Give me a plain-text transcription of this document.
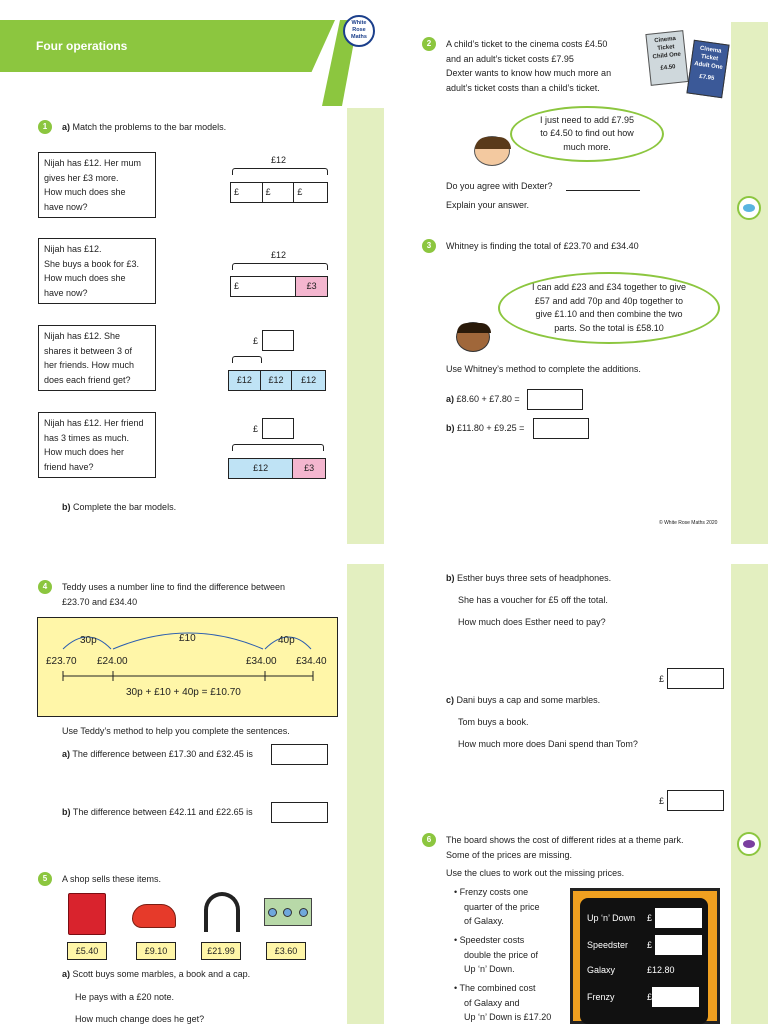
Four operations
White
Rose
Maths
1	a) Match the problems to the bar models.
Nijah has £12. Her mum
gives her £3 more.
How much does she
have now?
Nijah has £12.
She buys a book for £3.
How much does she
have now?
Nijah has £12. She
shares it between 3 of
her friends. How much
does each friend get?
Nijah has £12. Her friend
has 3 times as much.
How much does her
friend have?
£12
£	£	£
£12
£	£3
£
£12	£12	£12
£
£12	£3
b) Complete the bar models.
2	A child’s ticket to the cinema costs £4.50
and an adult’s ticket costs £7.95
Dexter wants to know how much more an
adult’s ticket costs than a child’s ticket.
Cinema
Ticket
Child One
£4.50
Cinema
Ticket
Adult One
£7.95
I just need to add £7.95
to £4.50 to find out how
much more.
Do you agree with Dexter?
Explain your answer.
3	Whitney is finding the total of £23.70 and £34.40
I can add £23 and £34 together to give
£57 and add 70p and 40p together to
give £1.10 and then combine the two
parts. So the total is £58.10
Use Whitney’s method to complete the additions.
a) £8.60 + £7.80 =
b) £11.80 + £9.25 =
© White Rose Maths 2020
4	Teddy uses a number line to find the difference between
£23.70 and £34.40
30p	£10	40p
£23.70 £24.00	£34.00 £34.40
30p + £10 + 40p = £10.70
Use Teddy’s method to help you complete the sentences.
a) The difference between £17.30 and £32.45 is
b) The difference between £42.11 and £22.65 is
5	A shop sells these items.
£5.40	£9.10	£21.99	£3.60
a) Scott buys some marbles, a book and a cap.
He pays with a £20 note.
How much change does he get?
b) Esther buys three sets of headphones.
She has a voucher for £5 off the total.
How much does Esther need to pay?
£
c) Dani buys a cap and some marbles.
Tom buys a book.
How much more does Dani spend than Tom?
£
6	The board shows the cost of different rides at a theme park.
Some of the prices are missing.
Use the clues to work out the missing prices.
• Frenzy costs one
quarter of the price
of Galaxy.
• Speedster costs
double the price of
Up ‘n’ Down.
• The combined cost
of Galaxy and
Up ‘n’ Down is £17.20
Up ‘n’ Down £
Speedster £
Galaxy	£12.80
Frenzy	£
